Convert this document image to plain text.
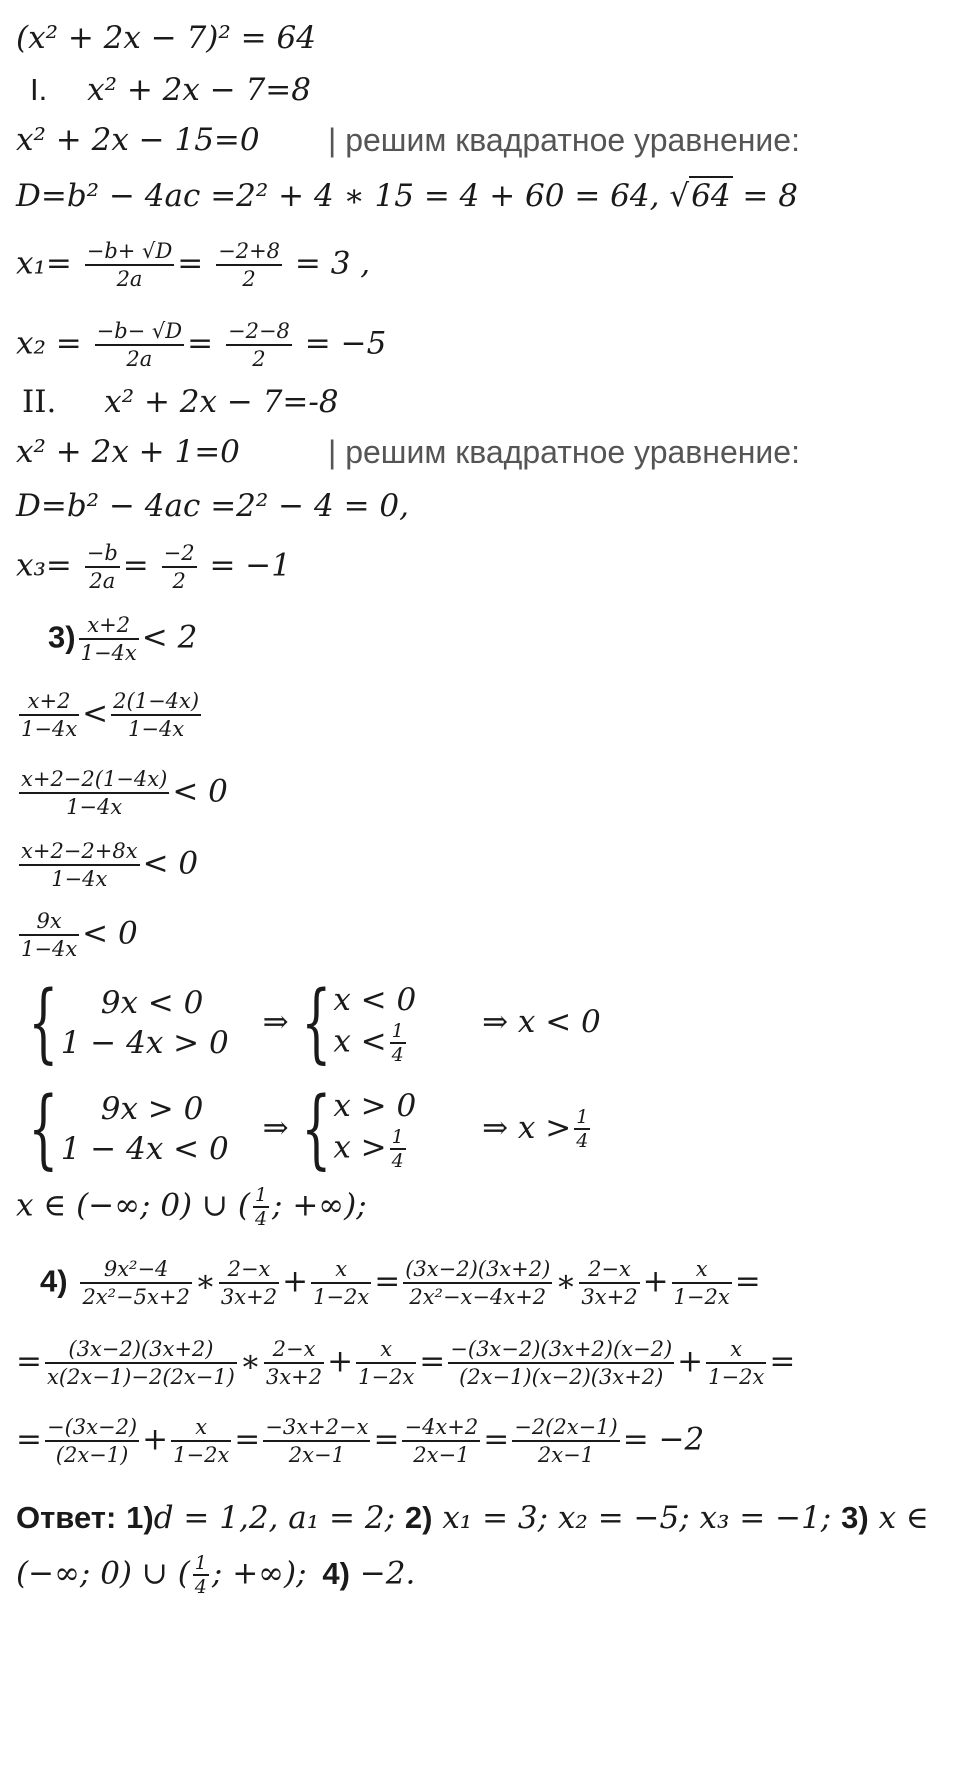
(x² + 2x − 7)² = 64
I. x² + 2x − 7=8
x² + 2x − 15=0 | решим квадратное уравнение:
D=b² − 4ac =2² + 4 ∗ 15 = 4 + 60 = 64, √64 = 8
$x_1= \frac{-b+ √D}{2a} = \frac{-2+8}{2} = 3$ ,
$x_2 = \frac{-b- √D}{2a} = \frac{-2-8}{2} = -5$
II. x² + 2x − 7=-8
x² + 2x + 1=0	| решим квадратное уравнение:
D=b² − 4ac =2² − 4 = 0,
$x_3= \frac{-b}{2a} = \frac{-2}{2} = -1$
$3) \frac{x+2}{1-4x} < 2$
$\frac{x+2}{1-4x} < \frac{2(1-4x)}{1-4x}$
$\frac{x+2-2(1-4x)}{1-4x} < 0$
$\frac{x+2-2+8x}{1-4x} < 0$
$\frac{9x}{1-4x} < 0$
{	9x < 0
1 − 4x > 0
⇒ { x < 0
$x < \frac{1}{4}$ ⇒ x < 0
{	9x > 0
1 − 4x < 0
⇒ { x > 0
$x > \frac{1}{4}$ ⇒ $x > \frac{1}{4}$
x ∈ (−∞; 0) ∪ ( $\frac{1}{4}$ ; +∞);
$4) \frac{\text{9x²−4}}{\text{2x²−5x+2}}$ ∗ $\frac{2-x}{3x+2} + \frac{x}{1-2x} = \frac{(3x-2)(3x+2)}{\text{2x²−x−4x+2}}$ ∗ $\frac{2-x}{3x+2} + \frac{x}{1-2x}$ =
= $\frac{(3x-2)(3x+2)}{x(2x-1)-2(2x-1)}$ ∗ $\frac{2-x}{3x+2} + \frac{x}{1-2x} = \frac{-(3x-2)(3x+2)(x-2)}{(2x-1)(x-2)(3x+2)} + \frac{x}{1-2x}$ =
= $\frac{-(3x-2)}{(2x-1)} + \frac{x}{1-2x} = \frac{-3x+2-x}{2x-1} = \frac{-4x+2}{2x-1} = \frac{-2(2x-1)}{2x-1} = -2$
Ответ: 1)d = 1,2, a₁ = 2; 2) x₁ = 3; x₂ = −5; x₃ = −1; 3) x ∈
(−∞; 0) ∪ ( $\frac{1}{4}$ ; +∞); 4) −2.
